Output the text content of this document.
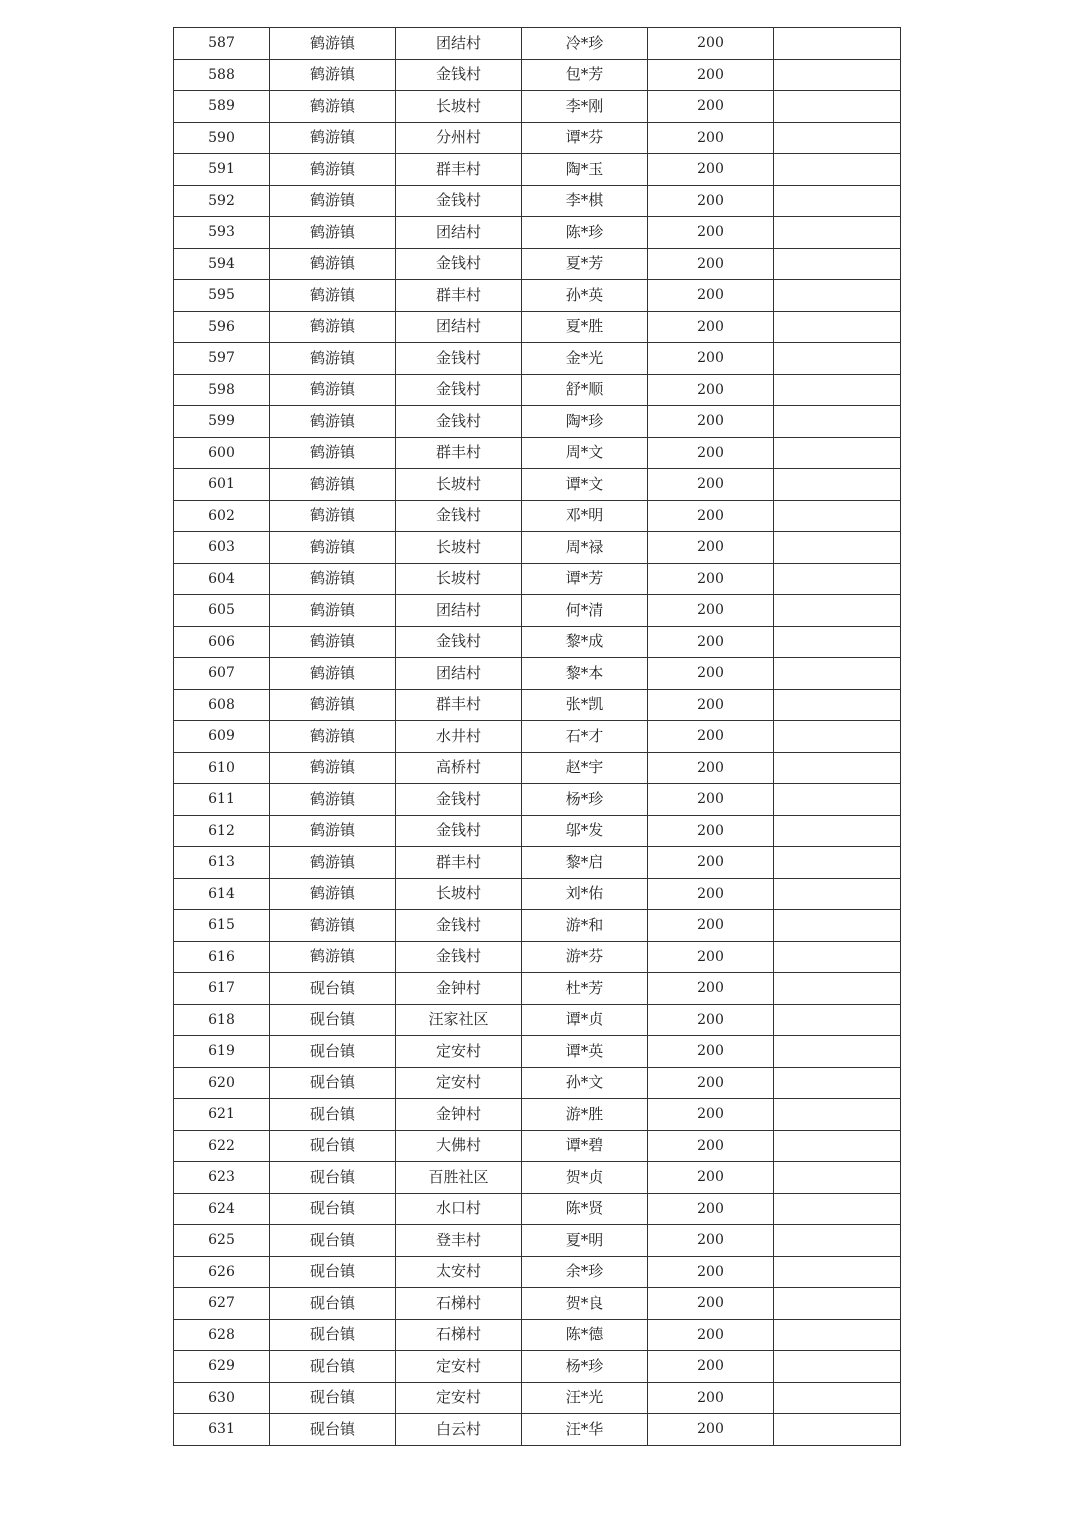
587	鹤游镇	团结村	冷*珍	200	
588	鹤游镇	金钱村	包*芳	200	
589	鹤游镇	长坡村	李*刚	200	
590	鹤游镇	分州村	谭*芬	200	
591	鹤游镇	群丰村	陶*玉	200	
592	鹤游镇	金钱村	李*棋	200	
593	鹤游镇	团结村	陈*珍	200	
594	鹤游镇	金钱村	夏*芳	200	
595	鹤游镇	群丰村	孙*英	200	
596	鹤游镇	团结村	夏*胜	200	
597	鹤游镇	金钱村	金*光	200	
598	鹤游镇	金钱村	舒*顺	200	
599	鹤游镇	金钱村	陶*珍	200	
600	鹤游镇	群丰村	周*文	200	
601	鹤游镇	长坡村	谭*文	200	
602	鹤游镇	金钱村	邓*明	200	
603	鹤游镇	长坡村	周*禄	200	
604	鹤游镇	长坡村	谭*芳	200	
605	鹤游镇	团结村	何*清	200	
606	鹤游镇	金钱村	黎*成	200	
607	鹤游镇	团结村	黎*本	200	
608	鹤游镇	群丰村	张*凯	200	
609	鹤游镇	水井村	石*才	200	
610	鹤游镇	高桥村	赵*宇	200	
611	鹤游镇	金钱村	杨*珍	200	
612	鹤游镇	金钱村	邬*发	200	
613	鹤游镇	群丰村	黎*启	200	
614	鹤游镇	长坡村	刘*佑	200	
615	鹤游镇	金钱村	游*和	200	
616	鹤游镇	金钱村	游*芬	200	
617	砚台镇	金钟村	杜*芳	200	
618	砚台镇	汪家社区	谭*贞	200	
619	砚台镇	定安村	谭*英	200	
620	砚台镇	定安村	孙*文	200	
621	砚台镇	金钟村	游*胜	200	
622	砚台镇	大佛村	谭*碧	200	
623	砚台镇	百胜社区	贺*贞	200	
624	砚台镇	水口村	陈*贤	200	
625	砚台镇	登丰村	夏*明	200	
626	砚台镇	太安村	余*珍	200	
627	砚台镇	石梯村	贺*良	200	
628	砚台镇	石梯村	陈*德	200	
629	砚台镇	定安村	杨*珍	200	
630	砚台镇	定安村	汪*光	200	
631	砚台镇	白云村	汪*华	200	
